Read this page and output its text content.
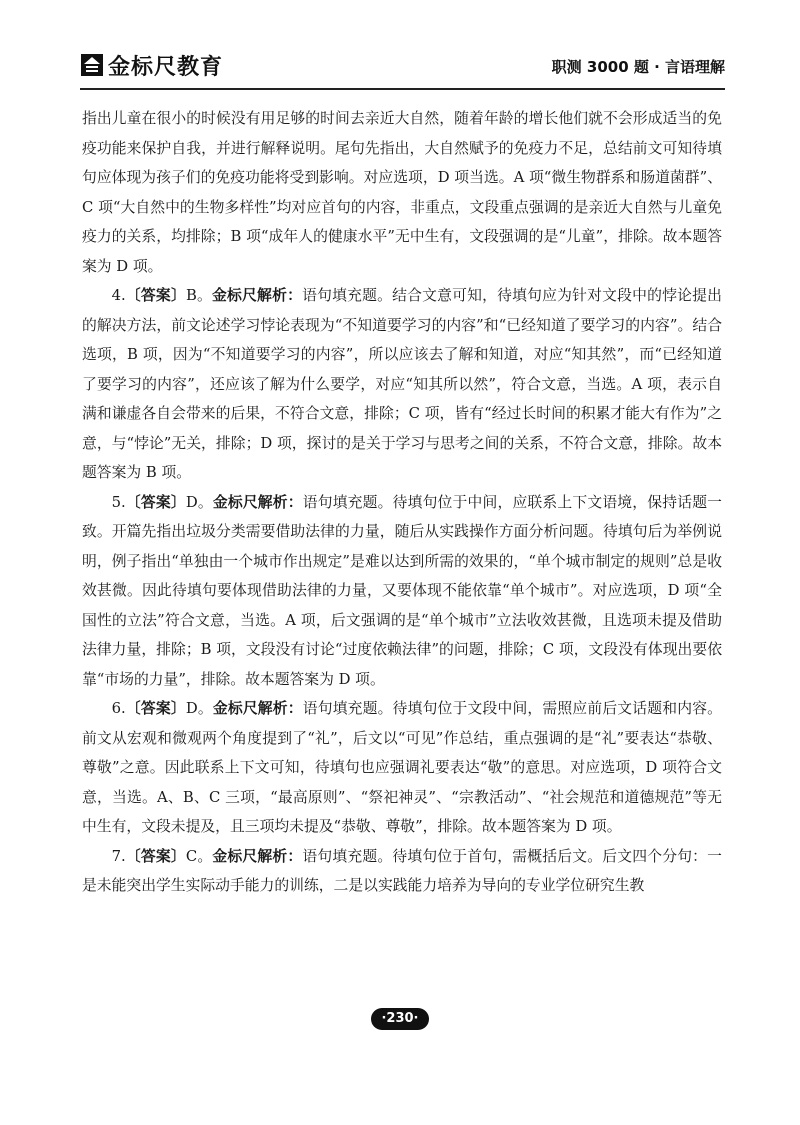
金标尺教育	职测 3000 题 · 言语理解

指出儿童在很小的时候没有用足够的时间去亲近大自然，随着年龄的增长他们就不会形成适当的免疫功能来保护自我，并进行解释说明。尾句先指出，大自然赋予的免疫力不足，总结前文可知待填句应体现为孩子们的免疫功能将受到影响。对应选项，D 项当选。A 项“微生物群系和肠道菌群”、C 项“大自然中的生物多样性”均对应首句的内容，非重点，文段重点强调的是亲近大自然与儿童免疫力的关系，均排除；B 项“成年人的健康水平”无中生有，文段强调的是“儿童”，排除。故本题答案为 D 项。

4.〔答案〕B。金标尺解析：语句填充题。结合文意可知，待填句应为针对文段中的悖论提出的解决方法，前文论述学习悖论表现为“不知道要学习的内容”和“已经知道了要学习的内容”。结合选项，B 项，因为“不知道要学习的内容”，所以应该去了解和知道，对应“知其然”，而“已经知道了要学习的内容”，还应该了解为什么要学，对应“知其所以然”，符合文意，当选。A 项，表示自满和谦虚各自会带来的后果，不符合文意，排除；C 项，皆有“经过长时间的积累才能大有作为”之意，与“悖论”无关，排除；D 项，探讨的是关于学习与思考之间的关系，不符合文意，排除。故本题答案为 B 项。

5.〔答案〕D。金标尺解析：语句填充题。待填句位于中间，应联系上下文语境，保持话题一致。开篇先指出垃圾分类需要借助法律的力量，随后从实践操作方面分析问题。待填句后为举例说明，例子指出“单独由一个城市作出规定”是难以达到所需的效果的，“单个城市制定的规则”总是收效甚微。因此待填句要体现借助法律的力量，又要体现不能依靠“单个城市”。对应选项，D 项“全国性的立法”符合文意，当选。A 项，后文强调的是“单个城市”立法收效甚微，且选项未提及借助法律力量，排除；B 项，文段没有讨论“过度依赖法律”的问题，排除；C 项，文段没有体现出要依靠“市场的力量”，排除。故本题答案为 D 项。

6.〔答案〕D。金标尺解析：语句填充题。待填句位于文段中间，需照应前后文话题和内容。前文从宏观和微观两个角度提到了“礼”，后文以“可见”作总结，重点强调的是“礼”要表达“恭敬、尊敬”之意。因此联系上下文可知，待填句也应强调礼要表达“敬”的意思。对应选项，D 项符合文意，当选。A、B、C 三项，“最高原则”、“祭祀神灵”、“宗教活动”、“社会规范和道德规范”等无中生有，文段未提及，且三项均未提及“恭敬、尊敬”，排除。故本题答案为 D 项。

7.〔答案〕C。金标尺解析：语句填充题。待填句位于首句，需概括后文。后文四个分句：一是未能突出学生实际动手能力的训练，二是以实践能力培养为导向的专业学位研究生教

·230·
